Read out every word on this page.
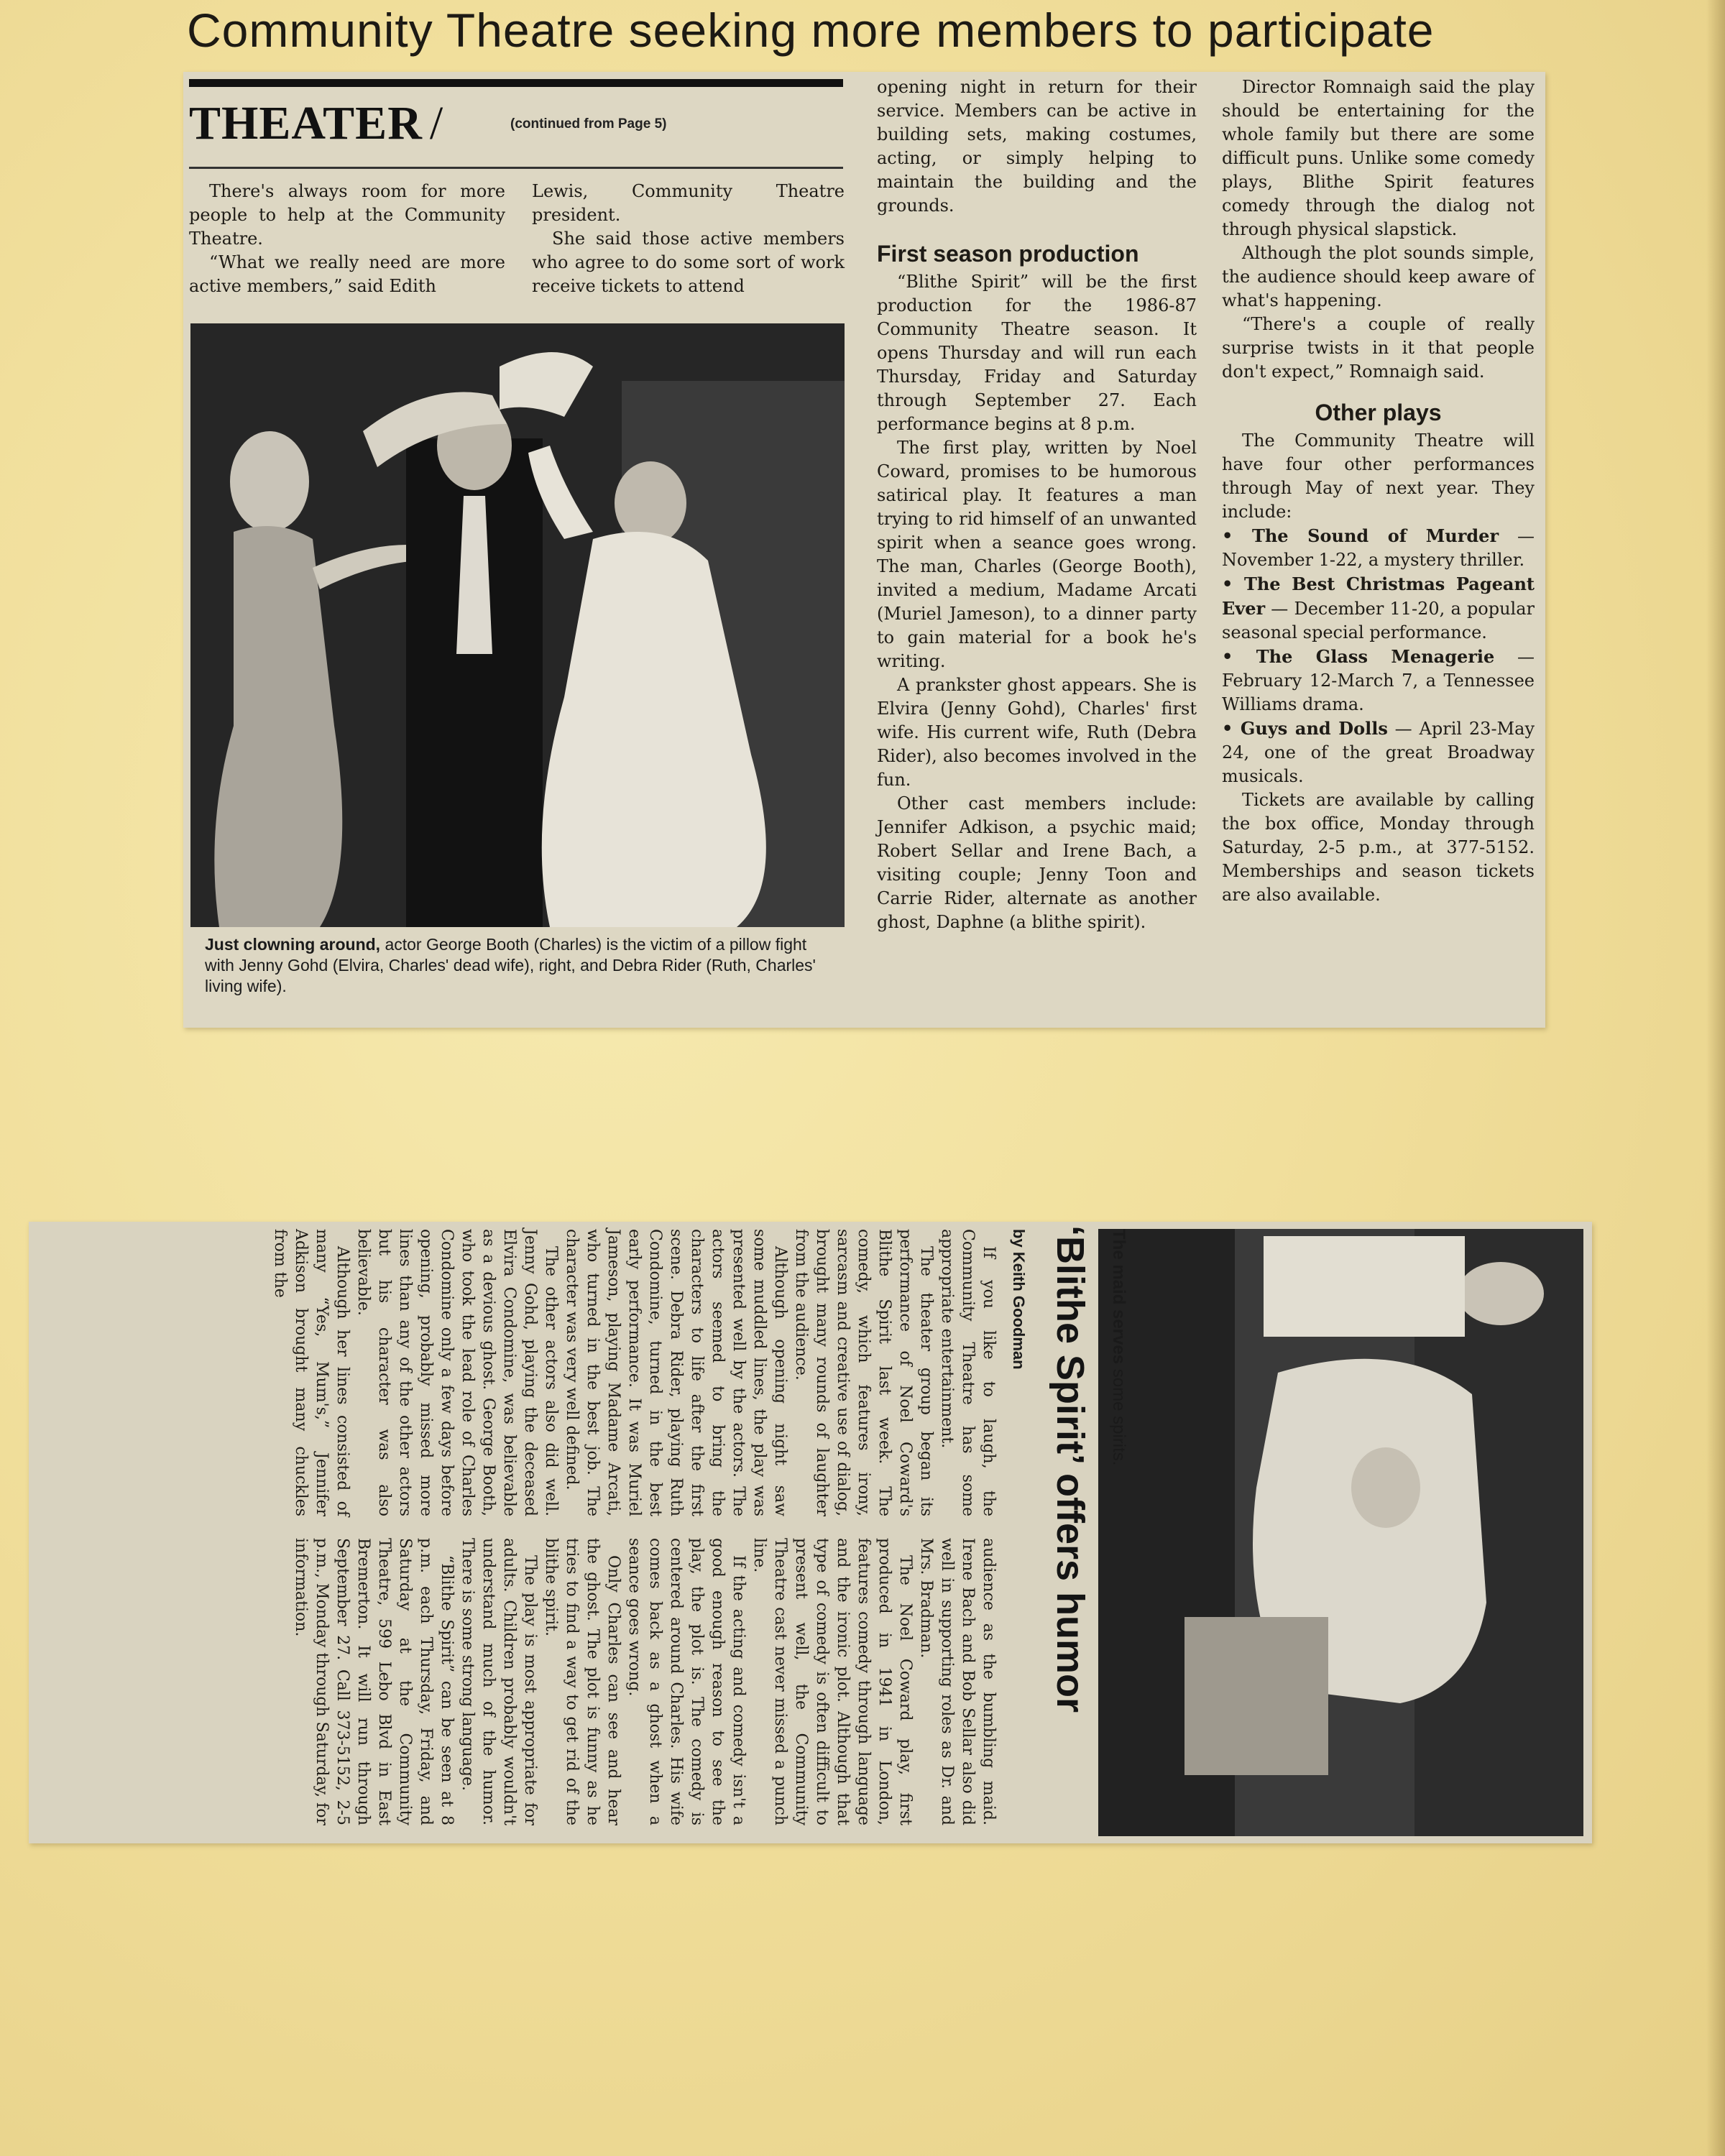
Community Theatre seeking more members to participate
THEATER /	(continued from Page 5)

There's always room for more people to help at the Community Theatre.

“What we really need are more active members,” said Edith

Lewis, Community Theatre president.

She said those active members who agree to do some sort of work receive tickets to attend

Just clowning around, actor George Booth (Charles) is the victim of a pillow fight with Jenny Gohd (Elvira, Charles' dead wife), right, and Debra Rider (Ruth, Charles' living wife).

opening night in return for their service. Members can be active in building sets, making costumes, acting, or simply helping to maintain the building and the grounds.

First season production

“Blithe Spirit” will be the first production for the 1986-87 Community Theatre season. It opens Thursday and will run each Thursday, Friday and Saturday through September 27. Each performance begins at 8 p.m.

The first play, written by Noel Coward, promises to be humorous satirical play. It features a man trying to rid himself of an unwanted spirit when a seance goes wrong. The man, Charles (George Booth), invited a medium, Madame Arcati (Muriel Jameson), to a dinner party to gain material for a book he's writing.

A prankster ghost appears. She is Elvira (Jenny Gohd), Charles' first wife. His current wife, Ruth (Debra Rider), also becomes involved in the fun.

Other cast members include: Jennifer Adkison, a psychic maid; Robert Sellar and Irene Bach, a visiting couple; Jenny Toon and Carrie Rider, alternate as another ghost, Daphne (a blithe spirit).

Director Romnaigh said the play should be entertaining for the whole family but there are some difficult puns. Unlike some comedy plays, Blithe Spirit features comedy through the dialog not through physical slapstick.

Although the plot sounds simple, the audience should keep aware of what's happening.

“There's a couple of really surprise twists in it that people don't expect,” Romnaigh said.

Other plays

The Community Theatre will have four other performances through May of next year. They include:

• The Sound of Murder — November 1-22, a mystery thriller.

• The Best Christmas Pageant Ever — December 11-20, a popular seasonal special performance.

• The Glass Menagerie — February 12-March 7, a Tennessee Williams drama.

• Guys and Dolls — April 23-May 24, one of the great Broadway musicals.

Tickets are available by calling the box office, Monday through Saturday, 2-5 p.m., at 377-5152. Memberships and season tickets are also available.

The maid serves some spirits.
‘Blithe Spirit’ offers humor
by Keith Goodman

If you like to laugh, the Community Theatre has some appropriate entertainment.

The theater group began its performance of Noel Coward's Blithe Spirit last week. The comedy, which features irony, sarcasm and creative use of dialog, brought many rounds of laughter from the audience.

Although opening night saw some muddled lines, the play was presented well by the actors. The actors seemed to bring the characters to life after the first scene. Debra Rider, playing Ruth Condomine, turned in the best early performance. It was Muriel Jameson, playing Madame Arcati, who turned in the best job. The character was very well defined.

The other actors also did well. Jenny Gohd, playing the deceased Elvira Condomine, was believable as a devious ghost. George Booth, who took the lead role of Charles Condomine only a few days before opening, probably missed more lines than any of the other actors but his character was also believable.

Although her lines consisted of many “Yes, Mum's,” Jennifer Adkison brought many chuckles from the

audience as the bumbling maid. Irene Bach and Bob Sellar also did well in supporting roles as Dr. and Mrs. Bradman.

The Noel Coward play, first produced in 1941 in London, features comedy through language and the ironic plot. Although that type of comedy is often difficult to present well, the Community Theatre cast never missed a punch line.

If the acting and comedy isn't a good enough reason to see the play, the plot is. The comedy is centered around Charles. His wife comes back as a ghost when a seance goes wrong.

Only Charles can see and hear the ghost. The plot is funny as he tries to find a way to get rid of the blithe spirit.

The play is most appropriate for adults. Children probably wouldn't understand much of the humor. There is some strong language.

“Blithe Spirit” can be seen at 8 p.m. each Thursday, Friday, and Saturday at the Community Theatre, 599 Lebo Blvd in East Bremerton. It will run through September 27. Call 373-5152, 2-5 p.m., Monday through Saturday, for information.
